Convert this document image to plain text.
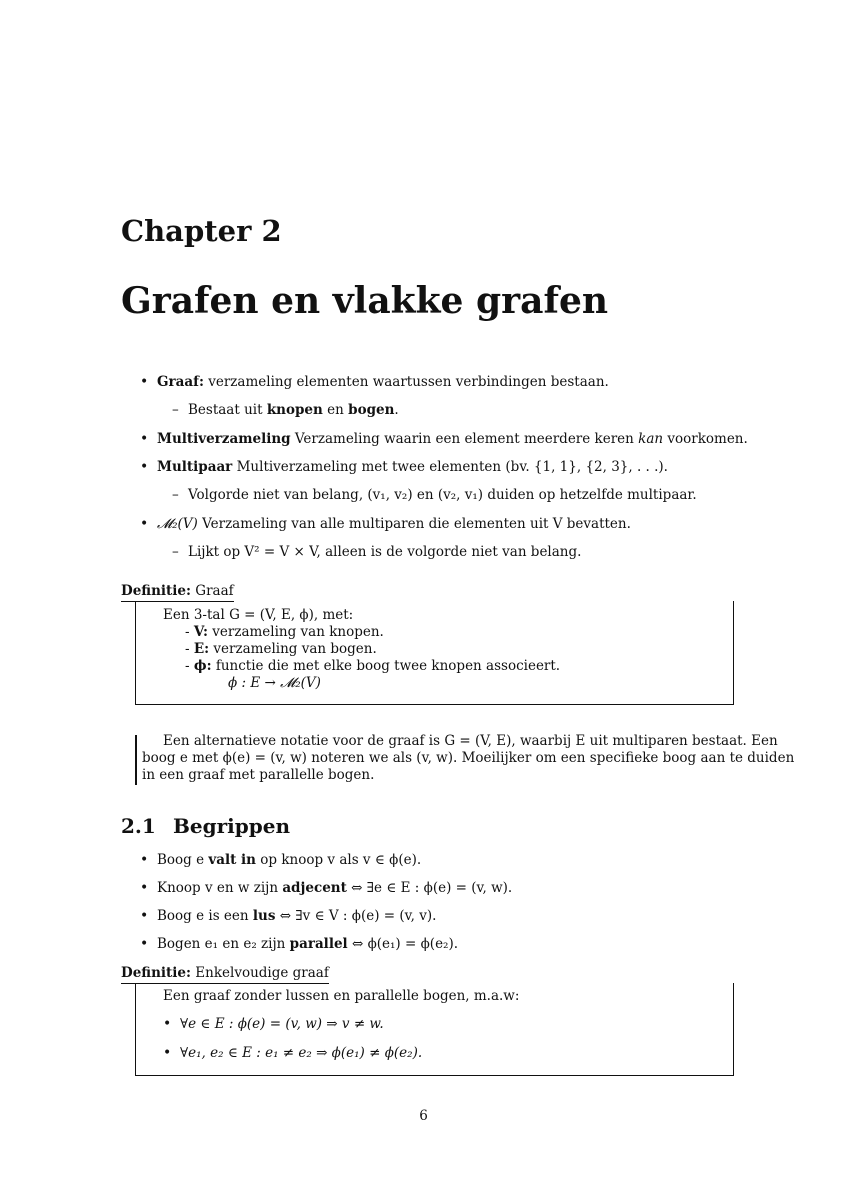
Chapter 2
Grafen en vlakke grafen
• Graaf: verzameling elementen waartussen verbindingen bestaan.
– Bestaat uit knopen en bogen.
• Multiverzameling Verzameling waarin een element meerdere keren kan voorkomen.
• Multipaar Multiverzameling met twee elementen (bv. {1, 1}, {2, 3}, . . .).
– Volgorde niet van belang, (v₁, v₂) en (v₂, v₁) duiden op hetzelfde multipaar.
• 𝓜₂(V) Verzameling van alle multiparen die elementen uit V bevatten.
– Lijkt op V² = V × V, alleen is de volgorde niet van belang.
Definitie: Graaf
Een 3-tal G = (V, E, ϕ), met:
- V: verzameling van knopen.
- E: verzameling van bogen.
- ϕ: functie die met elke boog twee knopen associeert.
ϕ : E → 𝓜₂(V)
Een alternatieve notatie voor de graaf is G = (V, E), waarbij E uit multiparen bestaat. Een
boog e met ϕ(e) = (v, w) noteren we als (v, w). Moeilijker om een specifieke boog aan te duiden
in een graaf met parallelle bogen.
2.1 Begrippen
• Boog e valt in op knoop v als v ∈ ϕ(e).
• Knoop v en w zijn adjecent ⇔ ∃e ∈ E : ϕ(e) = (v, w).
• Boog e is een lus ⇔ ∃v ∈ V : ϕ(e) = (v, v).
• Bogen e₁ en e₂ zijn parallel ⇔ ϕ(e₁) = ϕ(e₂).
Definitie: Enkelvoudige graaf
Een graaf zonder lussen en parallelle bogen, m.a.w:
• ∀e ∈ E : ϕ(e) = (v, w) ⇒ v ≠ w.
• ∀e₁, e₂ ∈ E : e₁ ≠ e₂ ⇒ ϕ(e₁) ≠ ϕ(e₂).
6
